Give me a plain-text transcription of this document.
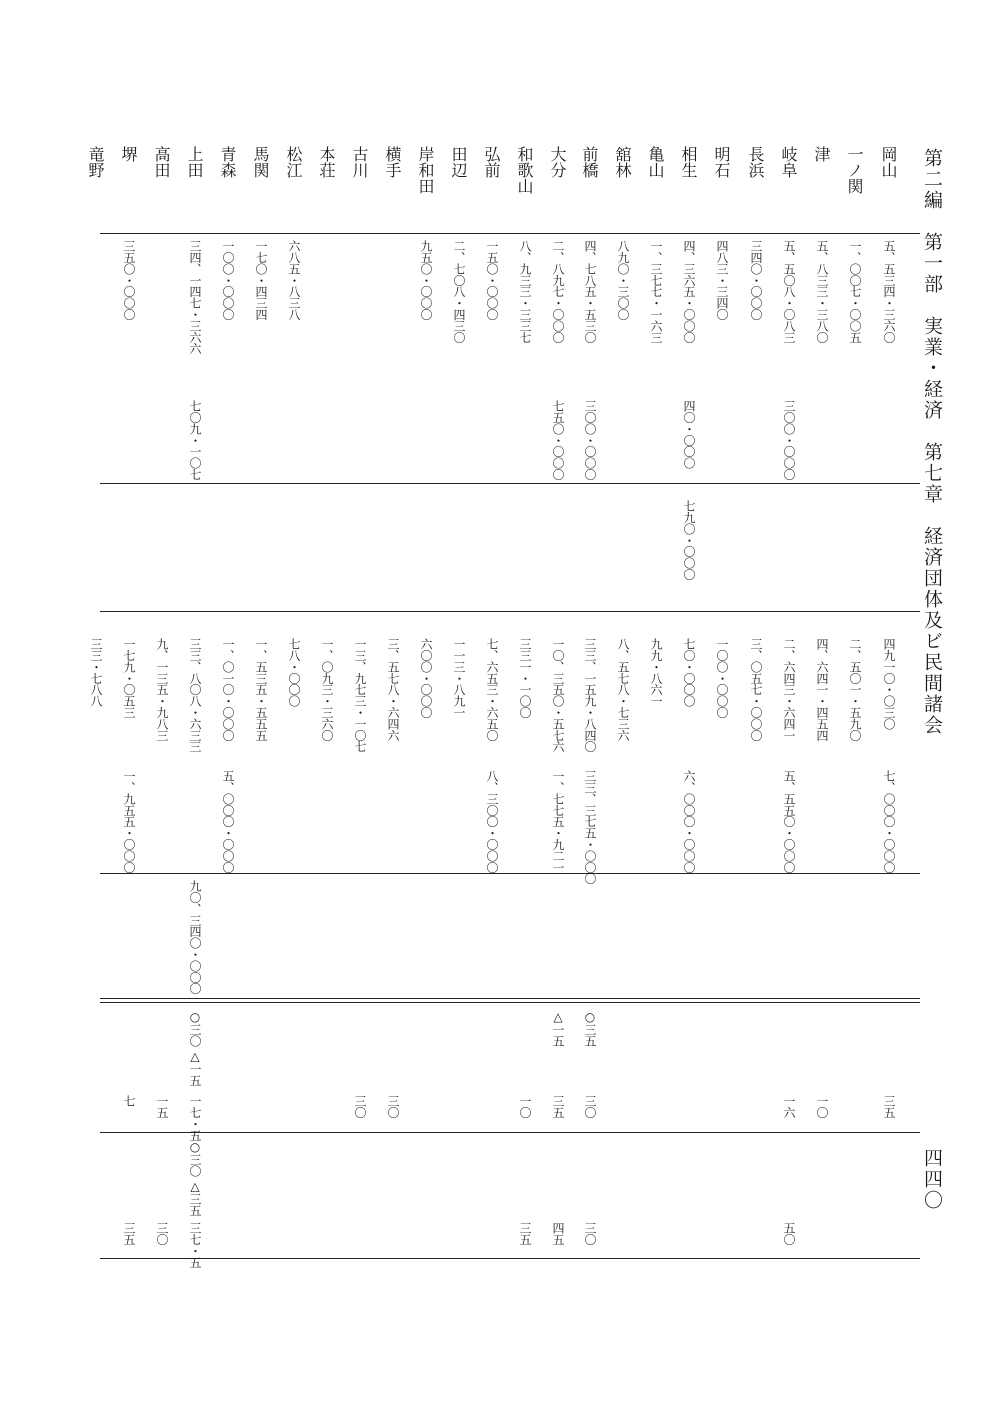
第二編　第一部　実業・経済　第七章　経済団体及ビ民間諸会
四四〇
岡山
五、五三四・三六〇
四九一〇・〇三〇
七、〇〇〇・〇〇〇
三五
一ノ関
一、〇〇七・〇〇五
二、五〇一・五九〇
津
五、八三三・三八〇
四、六四一・四五四
一〇
岐阜
五、五〇八・〇八三
三〇〇・〇〇〇
二、六四三・六四一
五、五五〇・〇〇〇
一六
五〇
長浜
三四〇・〇〇〇
三、〇五七・〇〇〇
明石
四八三・三四〇
一〇〇・〇〇〇
相生
四、三六五・〇〇〇
四〇・〇〇〇
七九〇・〇〇〇
七〇・〇〇〇
六、〇〇〇・〇〇〇
亀山
一、三七七・一六三
九九・八六一
舘林
八九〇・三〇〇
八、五七八・七三六
前橋
四、七八五・五三〇
三〇〇・〇〇〇
三三、一五九・八四〇
三三、三七五・〇〇〇
○三五
三〇
三〇
大分
二、八九七・〇〇〇
七五〇・〇〇〇
一〇、三五〇・五七六
一、七七五・九二一
△一五
三五
四五
和歌山
八、九三三・三三七
三三一・一〇〇
一〇
三五
弘前
一五〇・〇〇〇
七、六五三・六五〇
八、三〇〇・〇〇〇
田辺
二、七〇八・四三〇
一一三・八九一
岸和田
九五〇・〇〇〇
六〇〇・〇〇〇
横手
三、五七八・六四六
三〇
古川
一三、九七三・一〇七
三〇
本荘
一、〇九三・三六〇
松江
六八五・八三八
七八・〇〇〇
馬関
一七〇・四三四
一、五三五・五五五
青森
一〇〇・〇〇〇
一、〇一〇・〇〇〇
五、〇〇〇・〇〇〇
上田
三四、一四七・三六六
七〇九・一〇七
三三、八〇八・六三三
九〇、三四〇・〇〇〇
○三〇 △一五
一七・五
○三〇 △三五
三七・五
高田
九、一三五・九八三
一五
三〇
堺
三五〇・〇〇〇
一七九・〇五三
一、九五五・〇〇〇
七
三五
竜野
三三・七八八
